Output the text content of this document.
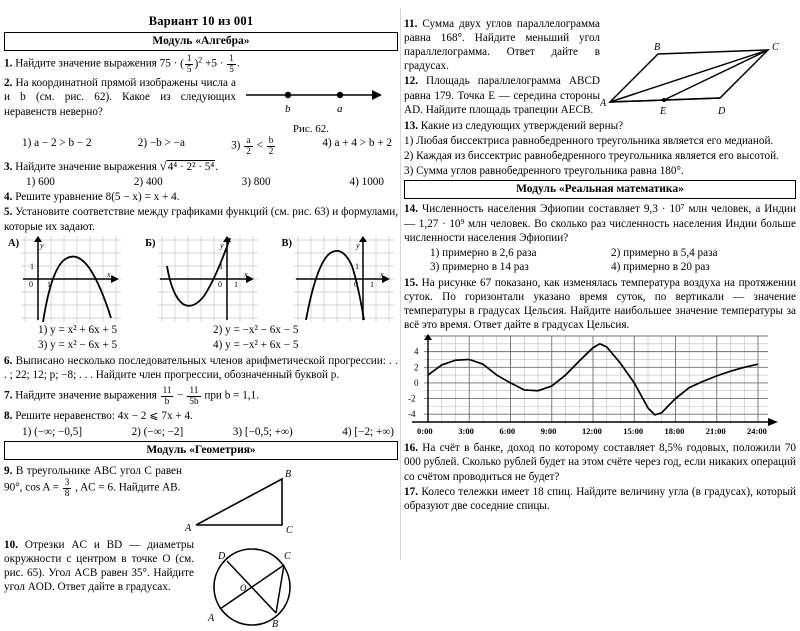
Вариант 10 из 001
Модуль «Алгебра»
1. Найдите значение выражения 75 · ( $\frac{1}{5} )^2 +5 \cdot \frac{1}{5}$ .
2. На координатной прямой изображены числа a и b (см. рис. 62). Какое из следующих неравенств неверно?	b	a
Рис. 62.
1) a − 2 > b − 2	2) −b > −a	$3) \frac{a}{2} < \frac{b}{2}$	4) a + 4 > b + 2
3. Найдите значение выражения √4⁴ · 2² · 5⁴.
1) 600	2) 400	3) 800	4) 1000
4. Решите уравнение 8(5 − x) = x + 4.
5. Установите соответствие между графиками функций (см. рис. 63) и формулами, которые их задают.
А)	y
x
0 1
1
Б)	y
x
0 1
1
В)	y
x
0 1
1
1) y = x² + 6x + 5	2) y = −x² − 6x − 5
3) y = x² − 6x + 5	4) y = −x² + 6x − 5
6. Выписано несколько последовательных членов арифметической прогрессии: . . . ; 22; 12; p; −8; . . . Найдите член прогрессии, обозначенный буквой p.
7. Найдите значение выражения $\frac{11}{b} - \frac{11}{5b}$ при b = 1,1.
8. Решите неравенство: 4x − 2 ⩽ 7x + 4.
1) (−∞; −0,5]	2) (−∞; −2]	3) [−0,5; +∞)	4) [−2; +∞)
Модуль «Геометрия»
9. В треугольнике ABC угол C равен 90°, $\cos A = \frac{3}{8}$ , AC = 6. Найдите AB.
A
B
C
10. Отрезки AC и BD — диаметры окружности с центром в точке O (см. рис. 65). Угол ACB равен 35°. Найдите угол AOD. Ответ дайте в градусах.
D	C
A
B
O
11. Сумма двух углов параллелограмма равна 168°. Найдите меньший угол параллелограмма. Ответ дайте в градусах.
12. Площадь параллелограмма ABCD равна 179. Точка E — середина стороны AD. Найдите площадь трапеции AECB.
A
B	C
D
E
13. Какие из следующих утверждений верны?
1) Любая биссектриса равнобедренного треугольника является его медианой.
2) Каждая из биссектрис равнобедренного треугольника является его высотой.
3) Сумма углов равнобедренного треугольника равна 180°.
Модуль «Реальная математика»
14. Численность населения Эфиопии составляет 9,3 · 10⁷ млн человек, а Индии — 1,27 · 10⁹ млн человек. Во сколько раз численность населения Индии больше численности населения Эфиопии?
1) примерно в 2,6 раза	2) примерно в 5,4 раза
3) примерно в 14 раз	4) примерно в 20 раз
15. На рисунке 67 показано, как изменялась температура воздуха на протяжении суток. По горизонтали указано время суток, по вертикали — значение температуры в градусах Цельсия. Найдите наибольшее значение температуры за всё это время. Ответ дайте в градусах Цельсия.
4
2
0
-2
-4
0:00	3:00	6:00	9:00	12:00	15:00	18:00	21:00	24:00
16. На счёт в банке, доход по которому составляет 8,5% годовых, положили 70 000 рублей. Сколько рублей будет на этом счёте через год, если никаких операций со счётом проводиться не будет?
17. Колесо тележки имеет 18 спиц. Найдите величину угла (в градусах), который образуют две соседние спицы.
